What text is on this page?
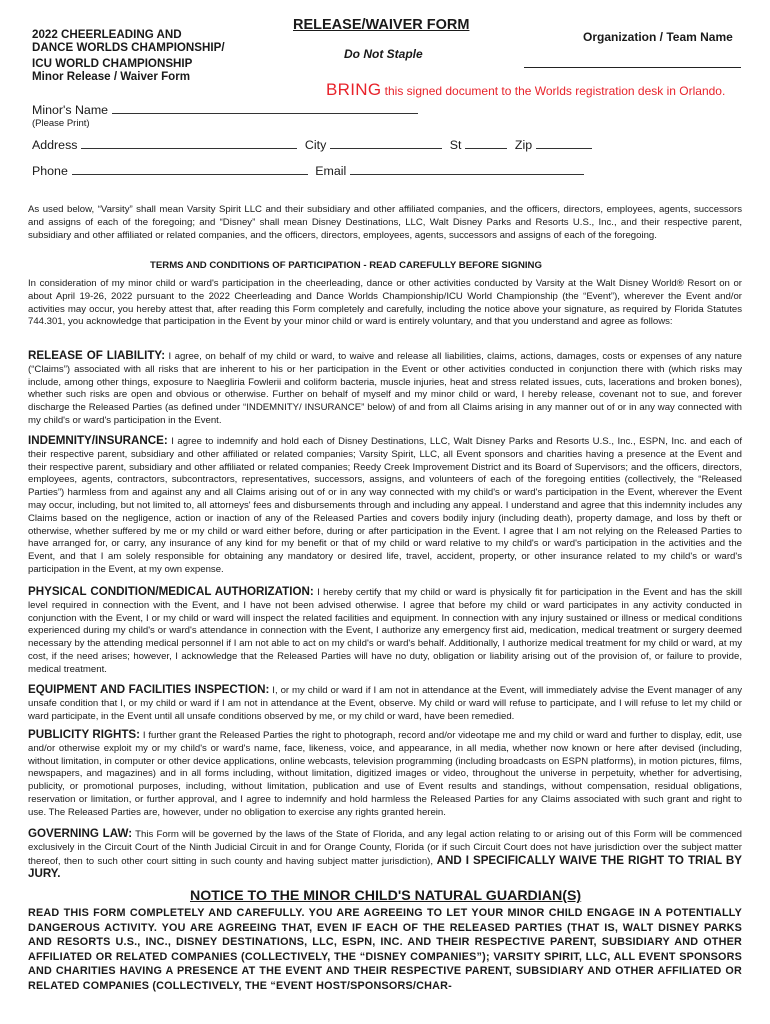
2022 CHEERLEADING AND
DANCE WORLDS CHAMPIONSHIP/
ICU WORLD CHAMPIONSHIP
Minor Release / Waiver Form
RELEASE/WAIVER FORM
Do Not Staple
Organization / Team Name
BRING this signed document to the Worlds registration desk in Orlando.
Minor's Name
(Please Print)
Address	City	St	Zip
Phone	Email
As used below, “Varsity” shall mean Varsity Spirit LLC and their subsidiary and other affiliated companies, and the officers, directors, employees, agents, successors and assigns of each of the foregoing; and “Disney” shall mean Disney Destinations, LLC, Walt Disney Parks and Resorts U.S., Inc., and their respective parent, subsidiary and other affiliated or related companies, and the officers, directors, employees, agents, successors and assigns of each of the foregoing.
TERMS AND CONDITIONS OF PARTICIPATION - READ CAREFULLY BEFORE SIGNING
In consideration of my minor child or ward's participation in the cheerleading, dance or other activities conducted by Varsity at the Walt Disney World® Resort on or about April 19-26, 2022 pursuant to the 2022 Cheerleading and Dance Worlds Championship/ICU World Championship (the “Event”), wherever the Event and/or activities may occur, you hereby attest that, after reading this Form completely and carefully, including the notice above your signature, as required by Florida Statutes 744.301, you acknowledge that participation in the Event by your minor child or ward is entirely voluntary, and that you understand and agree as follows:
RELEASE OF LIABILITY: I agree, on behalf of my child or ward, to waive and release all liabilities, claims, actions, damages, costs or expenses of any nature (“Claims”) associated with all risks that are inherent to his or her participation in the Event or other activities conducted in conjunction there with (which risks may include, among other things, exposure to Naegliria Fowlerii and coliform bacteria, muscle injuries, heat and stress related issues, cuts, lacerations and broken bones), whether such risks are open and obvious or otherwise. Further on behalf of myself and my minor child or ward, I hereby release, covenant not to sue, and forever discharge the Released Parties (as defined under “INDEMNITY/ INSURANCE” below) of and from all Claims arising in any manner out of or in any way connected with my child's or ward's participation in the Event.
INDEMNITY/INSURANCE: I agree to indemnify and hold each of Disney Destinations, LLC, Walt Disney Parks and Resorts U.S., Inc., ESPN, Inc. and each of their respective parent, subsidiary and other affiliated or related companies; Varsity Spirit, LLC, all Event sponsors and charities having a presence at the Event and their respective parent, subsidiary and other affiliated or related companies; Reedy Creek Improvement District and its Board of Supervisors; and the officers, directors, employees, agents, contractors, subcontractors, representatives, successors, assigns, and volunteers of each of the foregoing entities (collectively, the “Released Parties”) harmless from and against any and all Claims arising out of or in any way connected with my child's or ward's participation in the Event, wherever the Event may occur, including, but not limited to, all attorneys' fees and disbursements through and including any appeal. I understand and agree that this indemnity includes any Claims based on the negligence, action or inaction of any of the Released Parties and covers bodily injury (including death), property damage, and loss by theft or otherwise, whether suffered by me or my child or ward either before, during or after participation in the Event. I agree that I am not relying on the Released Parties to have arranged for, or carry, any insurance of any kind for my benefit or that of my child or ward relative to my child's or ward's participation in the activities and the Event, and that I am solely responsible for obtaining any mandatory or desired life, travel, accident, property, or other insurance related to my child's or ward's participation in the Event, at my own expense.
PHYSICAL CONDITION/MEDICAL AUTHORIZATION: I hereby certify that my child or ward is physically fit for participation in the Event and has the skill level required in connection with the Event, and I have not been advised otherwise. I agree that before my child or ward participates in any activity conducted in conjunction with the Event, I or my child or ward will inspect the related facilities and equipment. In connection with any injury sustained or illness or medical conditions experienced during my child's or ward's attendance in connection with the Event, I authorize any emergency first aid, medication, medical treatment or surgery deemed necessary by the attending medical personnel if I am not able to act on my child's or ward's behalf. Additionally, I authorize medical treatment for my child or ward, at my cost, if the need arises; however, I acknowledge that the Released Parties will have no duty, obligation or liability arising out of the provision of, or failure to provide, medical treatment.
EQUIPMENT AND FACILITIES INSPECTION: I, or my child or ward if I am not in attendance at the Event, will immediately advise the Event manager of any unsafe condition that I, or my child or ward if I am not in attendance at the Event, observe. My child or ward will refuse to participate, and I will refuse to let my child or ward participate, in the Event until all unsafe conditions observed by me, or my child or ward, have been remedied.
PUBLICITY RIGHTS: I further grant the Released Parties the right to photograph, record and/or videotape me and my child or ward and further to display, edit, use and/or otherwise exploit my or my child's or ward's name, face, likeness, voice, and appearance, in all media, whether now known or here after devised (including, without limitation, in computer or other device applications, online webcasts, television programming (including broadcasts on ESPN platforms), in motion pictures, films, newspapers, and magazines) and in all forms including, without limitation, digitized images or video, throughout the universe in perpetuity, whether for advertising, publicity, or promotional purposes, including, without limitation, publication and use of Event results and standings, without compensation, residual obligations, reservation or limitation, or further approval, and I agree to indemnify and hold harmless the Released Parties for any Claims associated with such grant and right to use. The Released Parties are, however, under no obligation to exercise any rights granted herein.
GOVERNING LAW: This Form will be governed by the laws of the State of Florida, and any legal action relating to or arising out of this Form will be commenced exclusively in the Circuit Court of the Ninth Judicial Circuit in and for Orange County, Florida (or if such Circuit Court does not have jurisdiction over the subject matter thereof, then to such other court sitting in such county and having subject matter jurisdiction), AND I SPECIFICALLY WAIVE THE RIGHT TO TRIAL BY JURY.
NOTICE TO THE MINOR CHILD'S NATURAL GUARDIAN(S)
READ THIS FORM COMPLETELY AND CAREFULLY. YOU ARE AGREEING TO LET YOUR MINOR CHILD ENGAGE IN A POTENTIALLY DANGEROUS ACTIVITY. YOU ARE AGREEING THAT, EVEN IF EACH OF THE RELEASED PARTIES (THAT IS, WALT DISNEY PARKS AND RESORTS U.S., INC., DISNEY DESTINATIONS, LLC, ESPN, INC. AND THEIR RESPECTIVE PARENT, SUBSIDIARY AND OTHER AFFILIATED OR RELATED COMPANIES (COLLECTIVELY, THE “DISNEY COMPANIES”); VARSITY SPIRIT, LLC, ALL EVENT SPONSORS AND CHARITIES HAVING A PRESENCE AT THE EVENT AND THEIR RESPECTIVE PARENT, SUBSIDIARY AND OTHER AFFILIATED OR RELATED COMPANIES (COLLECTIVELY, THE “EVENT HOST/SPONSORS/CHAR-
